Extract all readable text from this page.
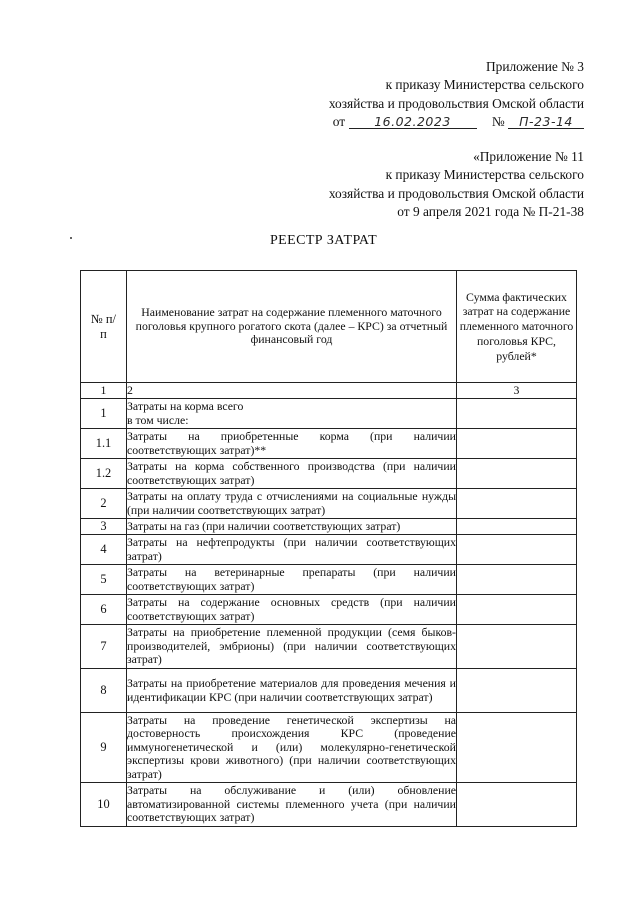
Приложение № 3
к приказу Министерства сельского
хозяйства и продовольствия Омской области
от 16.02.2023	№ П-23-14
«Приложение № 11
к приказу Министерства сельского
хозяйства и продовольствия Омской области
от 9 апреля 2021 года № П-21-38
РЕЕСТР ЗАТРАТ
№ п/п	Наименование затрат на содержание племенного маточного поголовья крупного рогатого скота (далее – КРС) за отчетный финансовый год	Сумма фактических затрат на содержание племенного маточного поголовья КРС, рублей*
1	2	3
1	Затраты на корма всего
в том числе:	
1.1	Затраты на приобретенные корма (при наличии соответствующих затрат)**	
1.2	Затраты на корма собственного производства (при наличии соответствующих затрат)	
2	Затраты на оплату труда с отчислениями на социальные нужды (при наличии соответствующих затрат)	
3	Затраты на газ (при наличии соответствующих затрат)	
4	Затраты на нефтепродукты (при наличии соответствующих затрат)	
5	Затраты на ветеринарные препараты (при наличии соответствующих затрат)	
6	Затраты на содержание основных средств (при наличии соответствующих затрат)	
7	Затраты на приобретение племенной продукции (семя быков-производителей, эмбрионы) (при наличии соответствующих затрат)	
8	Затраты на приобретение материалов для проведения мечения и идентификации КРС (при наличии соответствующих затрат)	
9	Затраты на проведение генетической экспертизы на достоверность происхождения КРС (проведение иммуногенетической и (или) молекулярно-генетической экспертизы крови животного) (при наличии соответствующих затрат)	
10	Затраты на обслуживание и (или) обновление автоматизированной системы племенного учета (при наличии соответствующих затрат)	
